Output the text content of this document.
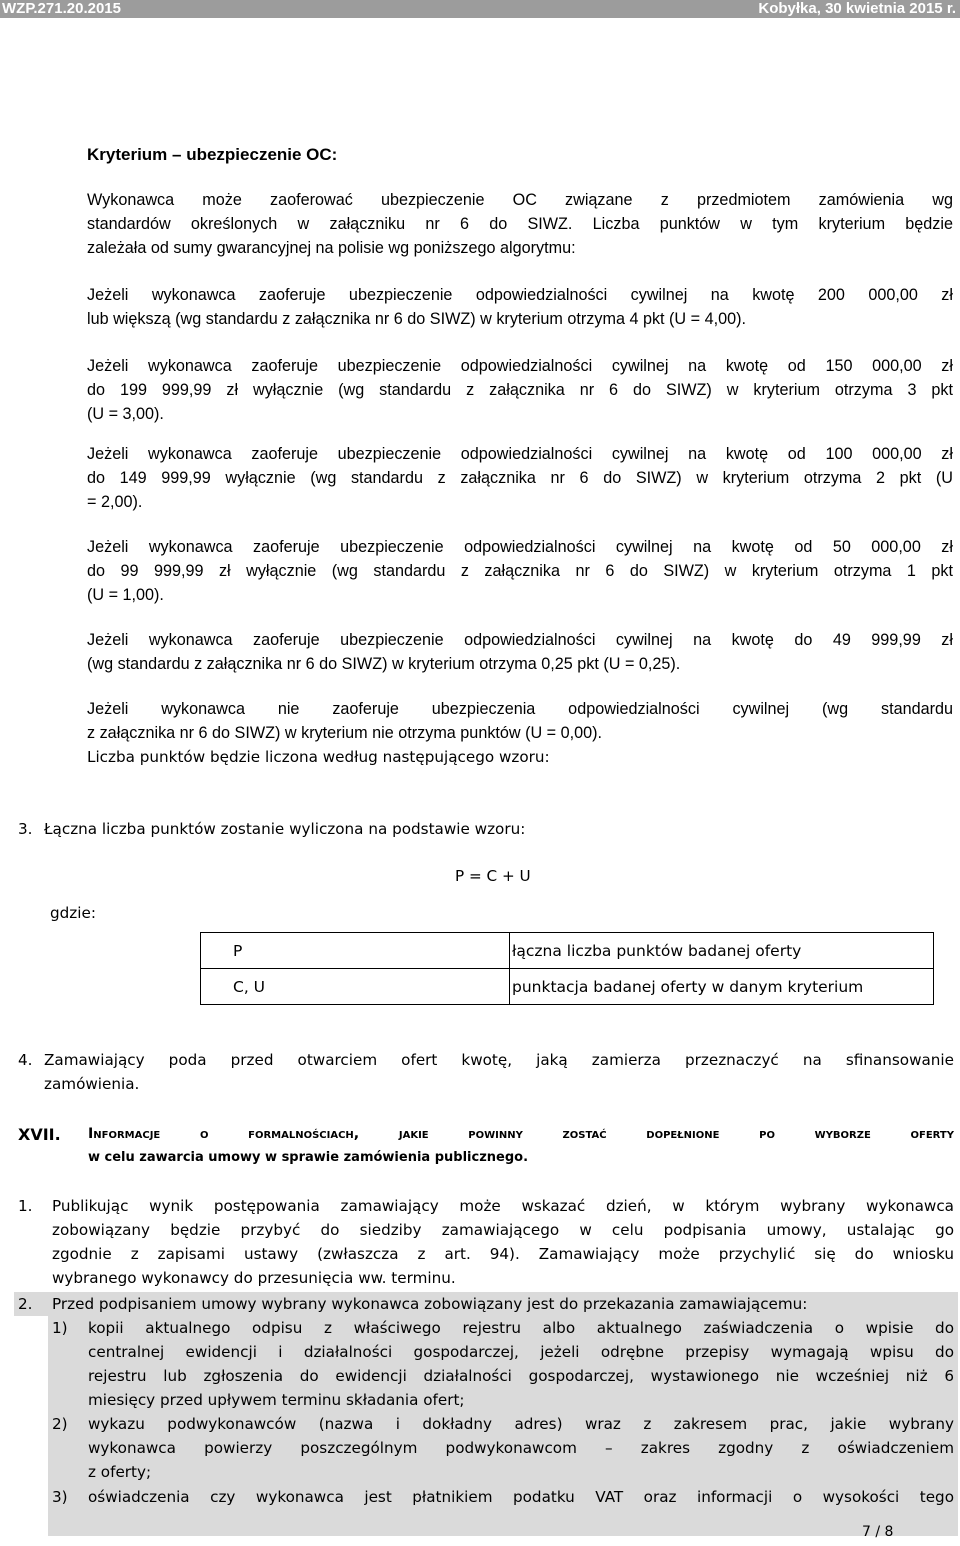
WZP.271.20.2015	Kobyłka, 30 kwietnia 2015 r.
Kryterium – ubezpieczenie OC:
Wykonawca może zaoferować ubezpieczenie OC związane z przedmiotem zamówienia wg
standardów określonych w załączniku nr 6 do SIWZ. Liczba punktów w tym kryterium będzie
zależała od sumy gwarancyjnej na polisie wg poniższego algorytmu:
Jeżeli wykonawca zaoferuje ubezpieczenie odpowiedzialności cywilnej na kwotę 200 000,00 zł
lub większą (wg standardu z załącznika nr 6 do SIWZ) w kryterium otrzyma 4 pkt (U = 4,00).
Jeżeli wykonawca zaoferuje ubezpieczenie odpowiedzialności cywilnej na kwotę od 150 000,00 zł
do 199 999,99 zł wyłącznie (wg standardu z załącznika nr 6 do SIWZ) w kryterium otrzyma 3 pkt
(U = 3,00).
Jeżeli wykonawca zaoferuje ubezpieczenie odpowiedzialności cywilnej na kwotę od 100 000,00 zł
do 149 999,99 wyłącznie (wg standardu z załącznika nr 6 do SIWZ) w kryterium otrzyma 2 pkt (U
= 2,00).
Jeżeli wykonawca zaoferuje ubezpieczenie odpowiedzialności cywilnej na kwotę od 50 000,00 zł
do 99 999,99 zł wyłącznie (wg standardu z załącznika nr 6 do SIWZ) w kryterium otrzyma 1 pkt
(U = 1,00).
Jeżeli wykonawca zaoferuje ubezpieczenie odpowiedzialności cywilnej na kwotę do 49 999,99 zł
(wg standardu z załącznika nr 6 do SIWZ) w kryterium otrzyma 0,25 pkt (U = 0,25).
Jeżeli wykonawca nie zaoferuje ubezpieczenia odpowiedzialności cywilnej (wg standardu
z załącznika nr 6 do SIWZ) w kryterium nie otrzyma punktów (U = 0,00).
Liczba punktów będzie liczona według następującego wzoru:
3. Łączna liczba punktów zostanie wyliczona na podstawie wzoru:
P = C + U
gdzie:
P	łączna liczba punktów badanej oferty
C, U	punktacja badanej oferty w danym kryterium
4. Zamawiający poda przed otwarciem ofert kwotę, jaką zamierza przeznaczyć na sfinansowanie
zamówienia.
XVII. Informacje o formalnościach, jakie powinny zostać dopełnione po wyborze oferty
w celu zawarcia umowy w sprawie zamówienia publicznego.
1. Publikując wynik postępowania zamawiający może wskazać dzień, w którym wybrany wykonawca
zobowiązany będzie przybyć do siedziby zamawiającego w celu podpisania umowy, ustalając go
zgodnie z zapisami ustawy (zwłaszcza z art. 94). Zamawiający może przychylić się do wniosku
wybranego wykonawcy do przesunięcia ww. terminu.
2. Przed podpisaniem umowy wybrany wykonawca zobowiązany jest do przekazania zamawiającemu:
1) kopii aktualnego odpisu z właściwego rejestru albo aktualnego zaświadczenia o wpisie do
centralnej ewidencji i działalności gospodarczej, jeżeli odrębne przepisy wymagają wpisu do
rejestru lub zgłoszenia do ewidencji działalności gospodarczej, wystawionego nie wcześniej niż 6
miesięcy przed upływem terminu składania ofert;
2) wykazu podwykonawców (nazwa i dokładny adres) wraz z zakresem prac, jakie wybrany
wykonawca powierzy poszczególnym podwykonawcom – zakres zgodny z oświadczeniem
z oferty;
3) oświadczenia czy wykonawca jest płatnikiem podatku VAT oraz informacji o wysokości tego
7 / 8
